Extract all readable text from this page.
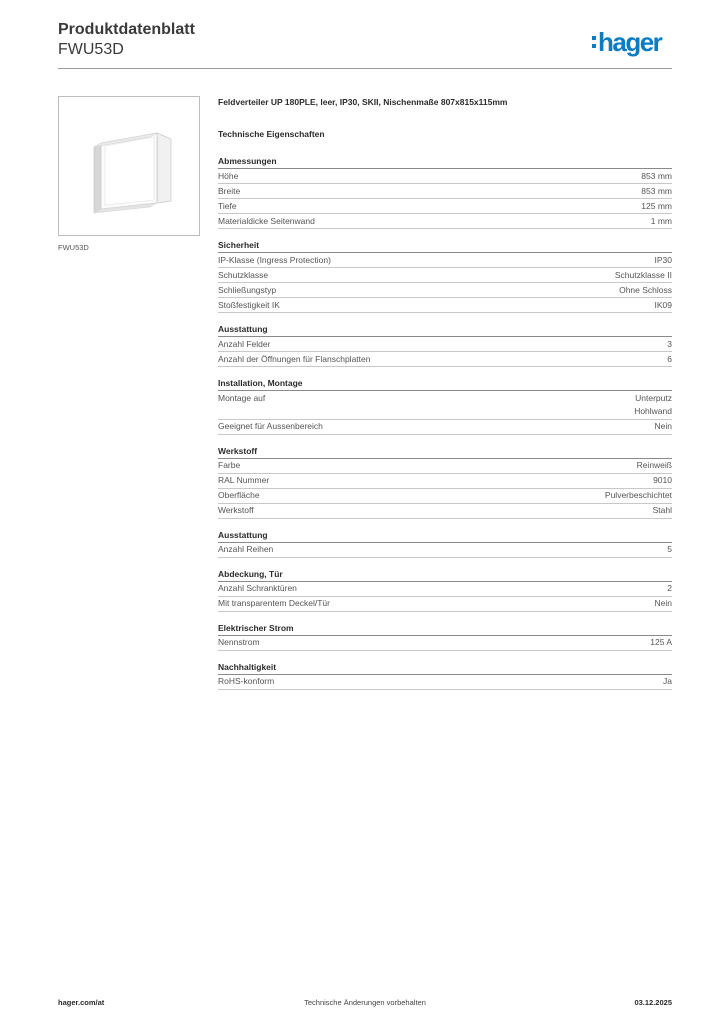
Produktdatenblatt
FWU53D	hager
FWU53D
Feldverteiler UP 180PLE, leer, IP30, SKII, Nischenmaße 807x815x115mm
Technische Eigenschaften
Abmessungen
Höhe	853 mm
Breite	853 mm
Tiefe	125 mm
Materialdicke Seitenwand	1 mm
Sicherheit
IP-Klasse (Ingress Protection)	IP30
Schutzklasse	Schutzklasse II
Schließungstyp	Ohne Schloss
Stoßfestigkeit IK	IK09
Ausstattung
Anzahl Felder	3
Anzahl der Öffnungen für Flanschplatten	6
Installation, Montage
Montage auf	Unterputz
Hohlwand
Geeignet für Aussenbereich	Nein
Werkstoff
Farbe	Reinweiß
RAL Nummer	9010
Oberfläche	Pulverbeschichtet
Werkstoff	Stahl
Ausstattung
Anzahl Reihen	5
Abdeckung, Tür
Anzahl Schranktüren	2
Mit transparentem Deckel/Tür	Nein
Elektrischer Strom
Nennstrom	125 A
Nachhaltigkeit
RoHS-konform	Ja
hager.com/at	Technische Änderungen vorbehalten	03.12.2025
